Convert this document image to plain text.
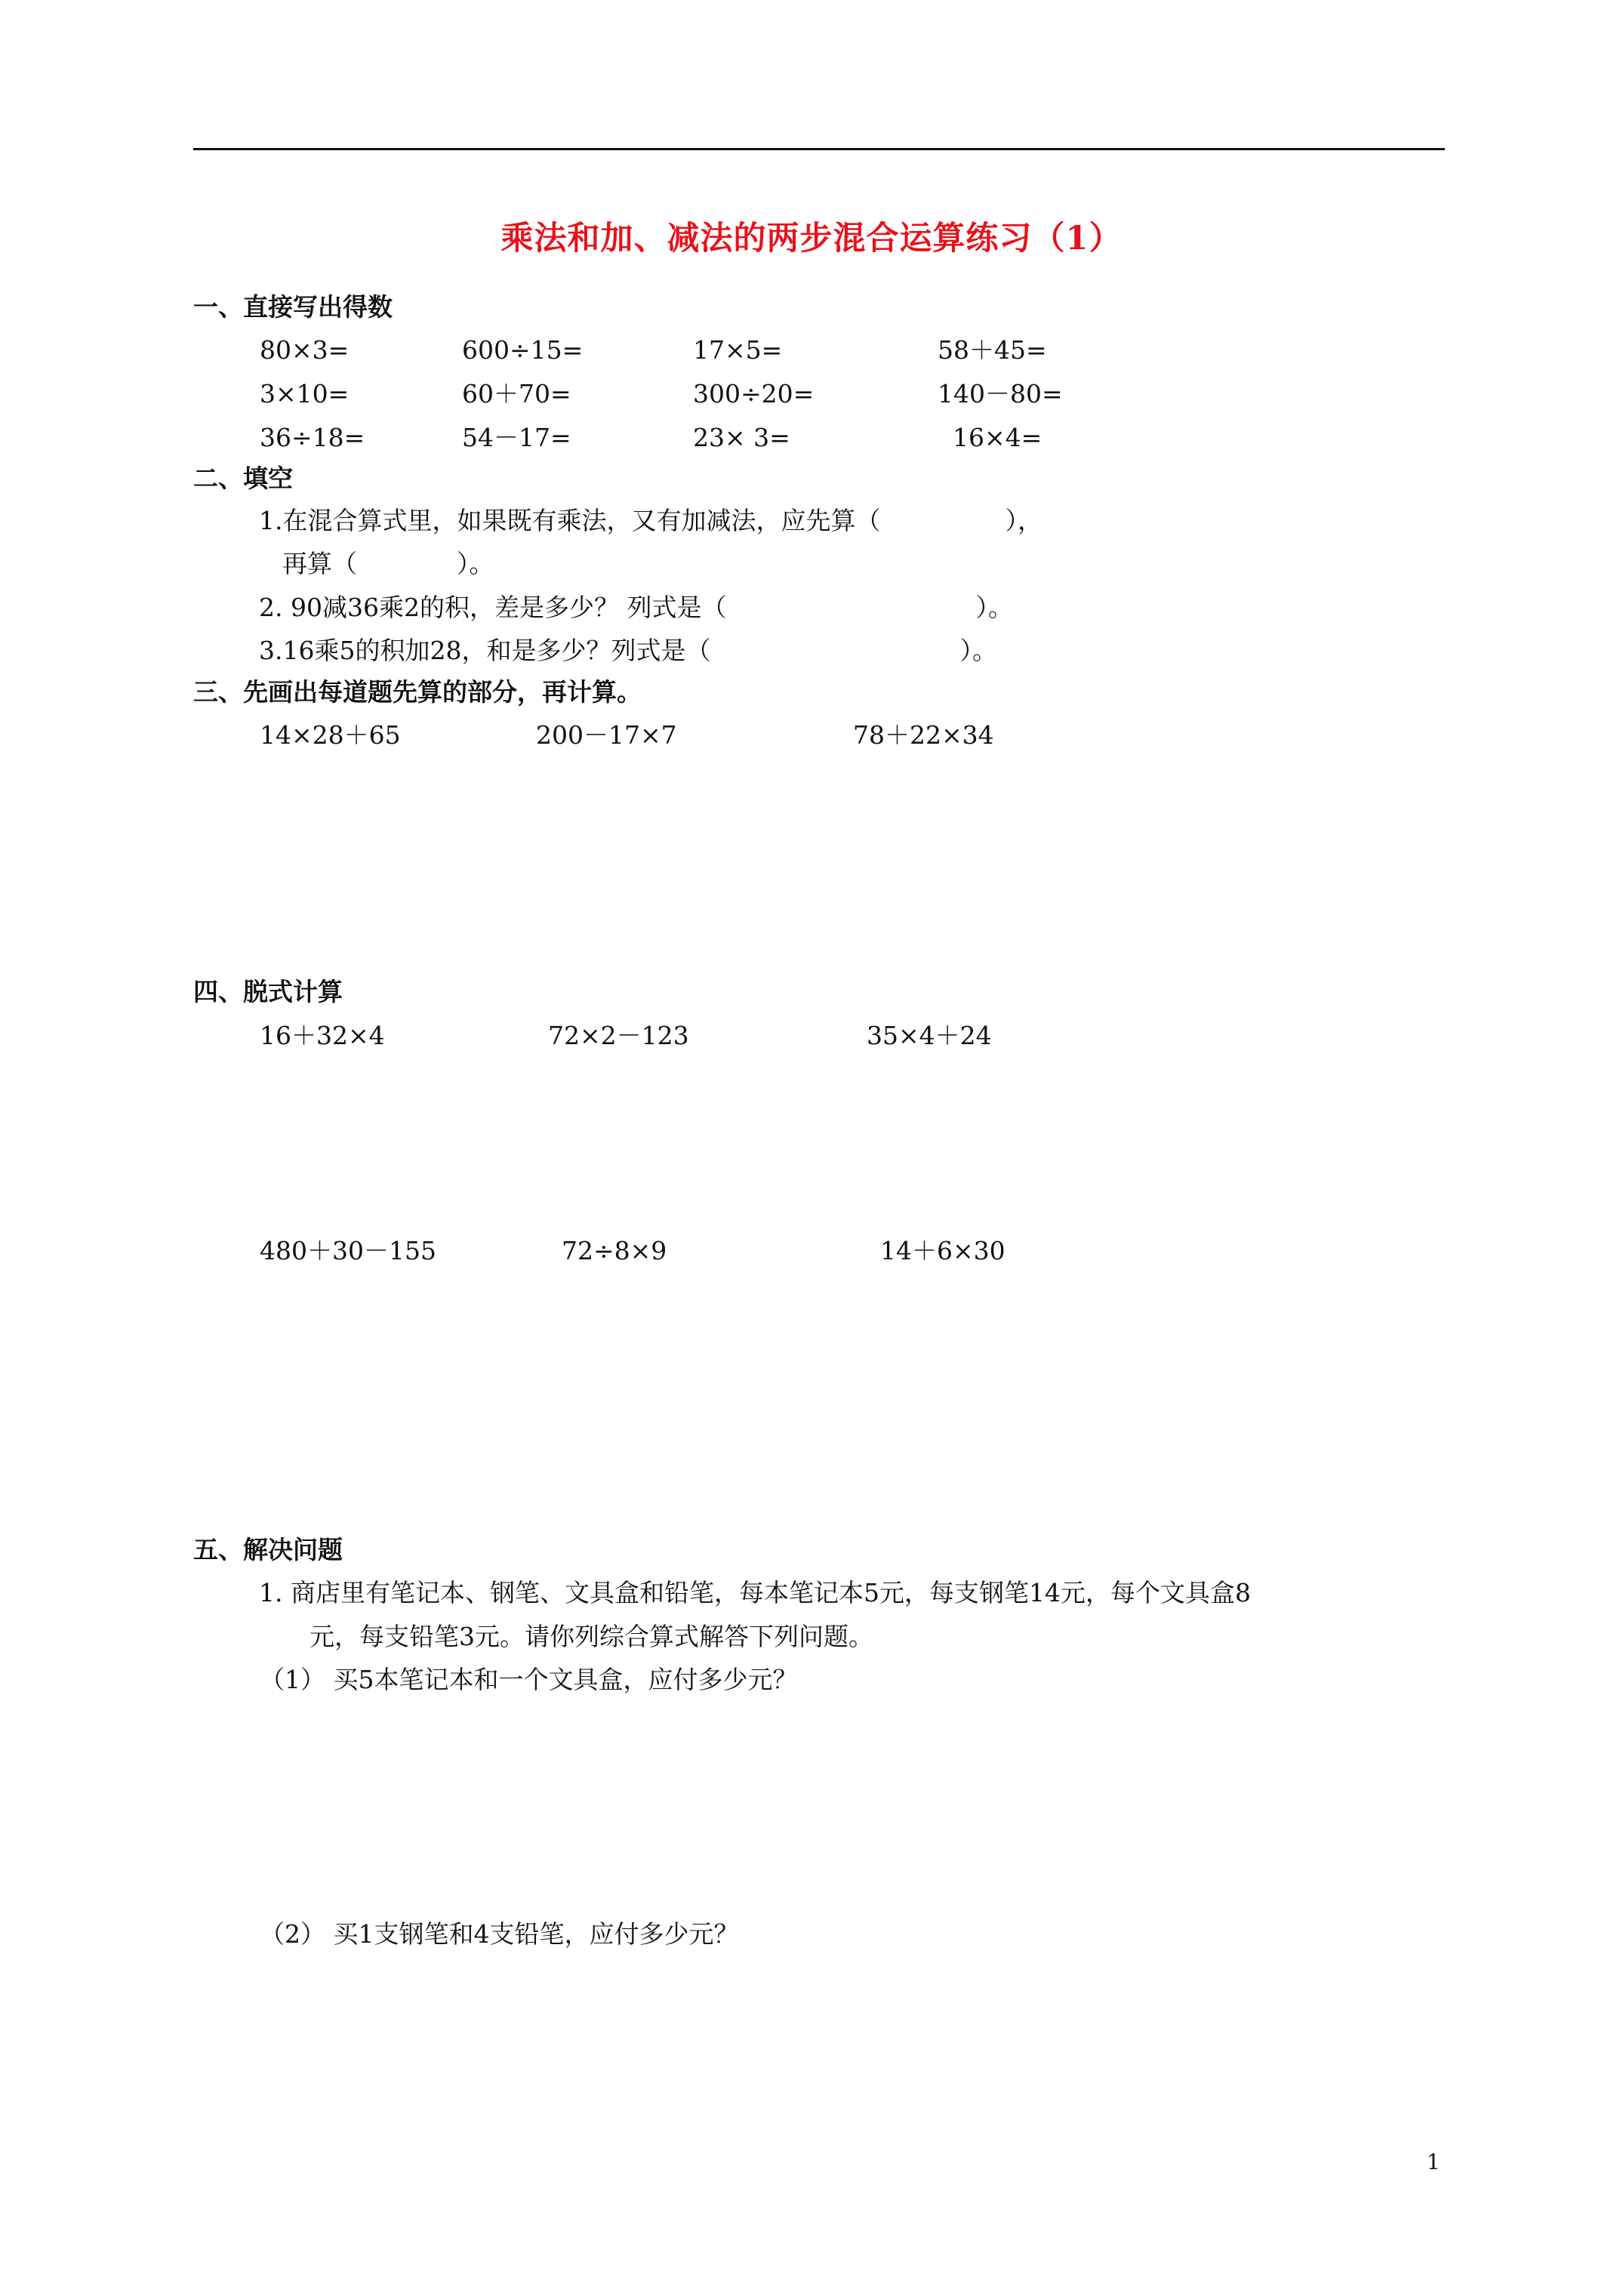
乘法和加、减法的两步混合运算练习（1）
一、直接写出得数
80×3=	600÷15=	17×5=	58＋45=
3×10=	60＋70=	300÷20=	140－80=
36÷18=	54－17=	23× 3=	16×4=
二、填空
1.在混合算式里，如果既有乘法，又有加减法，应先算（　　　　　），
再算（　　　　）。
2. 90减36乘2的积，差是多少？ 列式是（　　　　　　　　　　）。
3.16乘5的积加28，和是多少？列式是（　　　　　　　　　　）。
三、先画出每道题先算的部分，再计算。
14×28＋65	200－17×7	78＋22×34
四、脱式计算
16＋32×4	72×2－123	35×4＋24
480＋30－155	72÷8×9	14＋6×30
五、解决问题
1. 商店里有笔记本、钢笔、文具盒和铅笔，每本笔记本5元，每支钢笔14元，每个文具盒8
元，每支铅笔3元。请你列综合算式解答下列问题。
（1） 买5本笔记本和一个文具盒，应付多少元？
（2） 买1支钢笔和4支铅笔，应付多少元？
1
